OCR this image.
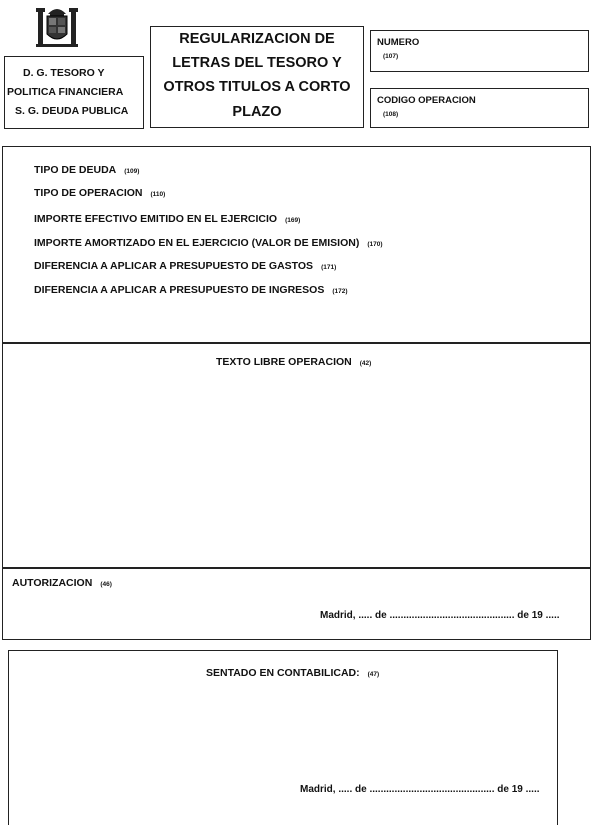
D. G. TESORO Y
POLITICA FINANCIERA
S. G. DEUDA PUBLICA
REGULARIZACION DE
LETRAS DEL TESORO Y
OTROS TITULOS A CORTO
PLAZO
NUMERO
(107)
CODIGO OPERACION
(108)
TIPO DE DEUDA (109)
TIPO DE OPERACION (110)
IMPORTE EFECTIVO EMITIDO EN EL EJERCICIO (169)
IMPORTE AMORTIZADO EN EL EJERCICIO (VALOR DE EMISION) (170)
DIFERENCIA A APLICAR A PRESUPUESTO DE GASTOS (171)
DIFERENCIA A APLICAR A PRESUPUESTO DE INGRESOS (172)
TEXTO LIBRE OPERACION (42)
AUTORIZACION (46)
Madrid, ..... de ............................................. de 19 .....
SENTADO EN CONTABILICAD: (47)
Madrid, ..... de ............................................. de 19 .....
